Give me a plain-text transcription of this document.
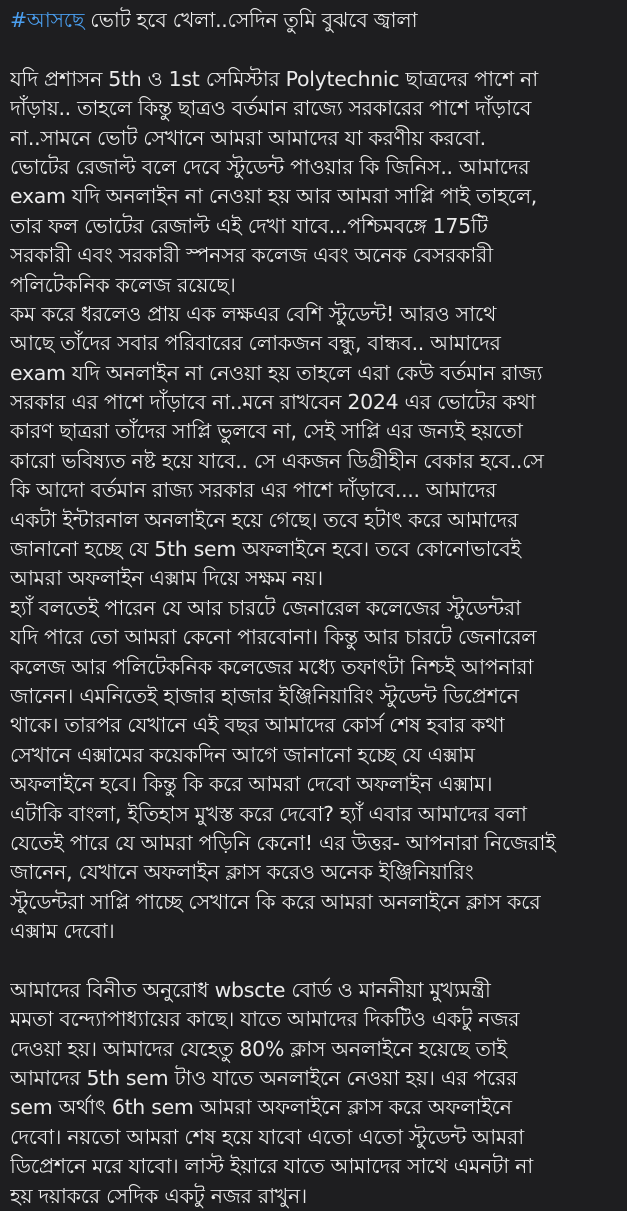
#আসছে ভোট হবে খেলা..সেদিন তুমি বুঝবে জ্বালা
যদি প্রশাসন 5th ও 1st সেমিস্টার Polytechnic ছাত্রদের পাশে না
দাঁড়ায়.. তাহলে কিন্তু ছাত্রও বর্তমান রাজ্যে সরকারের পাশে দাঁড়াবে
না..সামনে ভোট সেখানে আমরা আমাদের যা করণীয় করবো.
ভোটের রেজাল্ট বলে দেবে স্টুডেন্ট পাওয়ার কি জিনিস.. আমাদের
exam যদি অনলাইন না নেওয়া হয় আর আমরা সাপ্লি পাই তাহলে,
তার ফল ভোটের রেজাল্ট এই দেখা যাবে...পশ্চিমবঙ্গে 175টি
সরকারী এবং সরকারী স্পনসর কলেজ এবং অনেক বেসরকারী
পলিটেকনিক কলেজ রয়েছে।
কম করে ধরলেও প্রায় এক লক্ষএর বেশি স্টুডেন্ট! আরও সাথে
আছে তাঁদের সবার পরিবারের লোকজন বন্ধু, বান্ধব.. আমাদের
exam যদি অনলাইন না নেওয়া হয় তাহলে এরা কেউ বর্তমান রাজ্য
সরকার এর পাশে দাঁড়াবে না..মনে রাখবেন 2024 এর ভোটের কথা
কারণ ছাত্ররা তাঁদের সাপ্লি ভুলবে না, সেই সাপ্লি এর জন্যই হয়তো
কারো ভবিষ্যত নষ্ট হয়ে যাবে.. সে একজন ডিগ্রীহীন বেকার হবে..সে
কি আদো বর্তমান রাজ্য সরকার এর পাশে দাঁড়াবে.... আমাদের
একটা ইন্টারনাল অনলাইনে হয়ে গেছে। তবে হটাৎ করে আমাদের
জানানো হচ্ছে যে 5th sem অফলাইনে হবে। তবে কোনোভাবেই
আমরা অফলাইন এক্সাম দিয়ে সক্ষম নয়।
হ্যাঁ বলতেই পারেন যে আর চারটে জেনারেল কলেজের স্টুডেন্টরা
যদি পারে তো আমরা কেনো পারবোনা। কিন্তু আর চারটে জেনারেল
কলেজ আর পলিটেকনিক কলেজের মধ্যে তফাৎটা নিশ্চই আপনারা
জানেন। এমনিতেই হাজার হাজার ইঞ্জিনিয়ারিং স্টুডেন্ট ডিপ্রেশনে
থাকে। তারপর যেখানে এই বছর আমাদের কোর্স শেষ হবার কথা
সেখানে এক্সামের কয়েকদিন আগে জানানো হচ্ছে যে এক্সাম
অফলাইনে হবে। কিন্তু কি করে আমরা দেবো অফলাইন এক্সাম।
এটাকি বাংলা, ইতিহাস মুখস্ত করে দেবো? হ্যাঁ এবার আমাদের বলা
যেতেই পারে যে আমরা পড়িনি কেনো! এর উত্তর- আপনারা নিজেরাই
জানেন, যেখানে অফলাইন ক্লাস করেও অনেক ইঞ্জিনিয়ারিং
স্টুডেন্টরা সাপ্লি পাচ্ছে সেখানে কি করে আমরা অনলাইনে ক্লাস করে
এক্সাম দেবো।
আমাদের বিনীত অনুরোধ wbscte বোর্ড ও মাননীয়া মুখ্যমন্ত্রী
মমতা বন্দ্যোপাধ্যায়ের কাছে। যাতে আমাদের দিকটিও একটু নজর
দেওয়া হয়। আমাদের যেহেতু 80% ক্লাস অনলাইনে হয়েছে তাই
আমাদের 5th sem টাও যাতে অনলাইনে নেওয়া হয়। এর পরের
sem অর্থাৎ 6th sem আমরা অফলাইনে ক্লাস করে অফলাইনে
দেবো। নয়তো আমরা শেষ হয়ে যাবো এতো এতো স্টুডেন্ট আমরা
ডিপ্রেশনে মরে যাবো। লাস্ট ইয়ারে যাতে আমাদের সাথে এমনটা না
হয় দয়াকরে সেদিক একটু নজর রাখুন।
